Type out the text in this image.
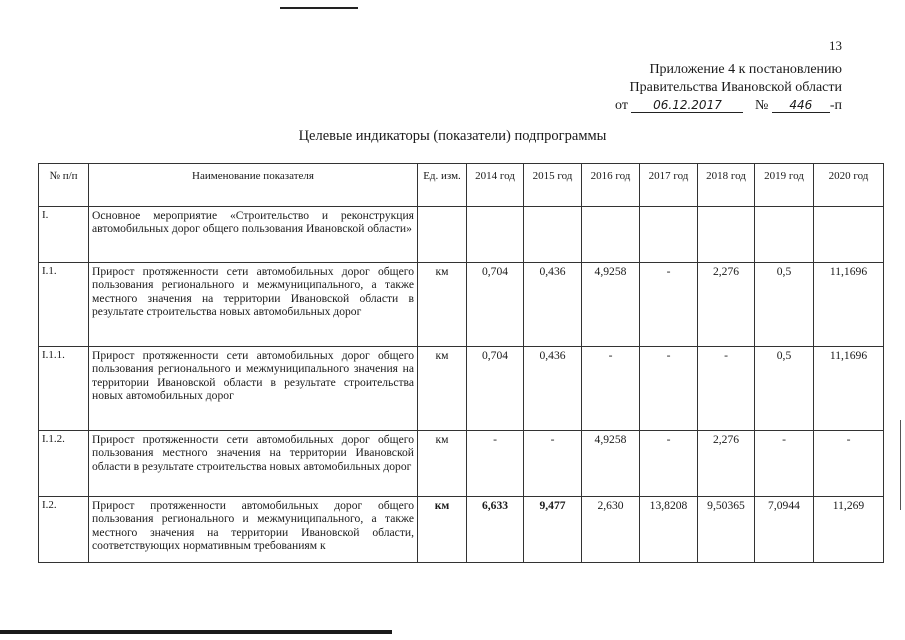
13
Приложение 4 к постановлению
Правительства Ивановской области
от 06.12.2017 № 446 -п
Целевые индикаторы (показатели) подпрограммы
№ п/п	Наименование показателя	Ед. изм.	2014 год	2015 год	2016 год	2017 год	2018 год	2019 год	2020 год
I.	Основное мероприятие «Строительство и реконструкция автомобильных дорог общего пользования Ивановской области»								
I.1.	Прирост протяженности сети автомобильных дорог общего пользования регионального и межмуниципального, а также местного значения на территории Ивановской области в результате строительства новых автомобильных дорог	км	0,704	0,436	4,9258	-	2,276	0,5	11,1696
I.1.1.	Прирост протяженности сети автомобильных дорог общего пользования регионального и межмуниципального значения на территории Ивановской области в результате строительства новых автомобильных дорог	км	0,704	0,436	-	-	-	0,5	11,1696
I.1.2.	Прирост протяженности сети автомобильных дорог общего пользования местного значения на территории Ивановской области в результате строительства новых автомобильных дорог	км	-	-	4,9258	-	2,276	-	-
I.2.	Прирост протяженности автомобильных дорог общего пользования регионального и межмуниципального, а также местного значения на территории Ивановской области, соответствующих нормативным требованиям к	км	6,633	9,477	2,630	13,8208	9,50365	7,0944	11,269
